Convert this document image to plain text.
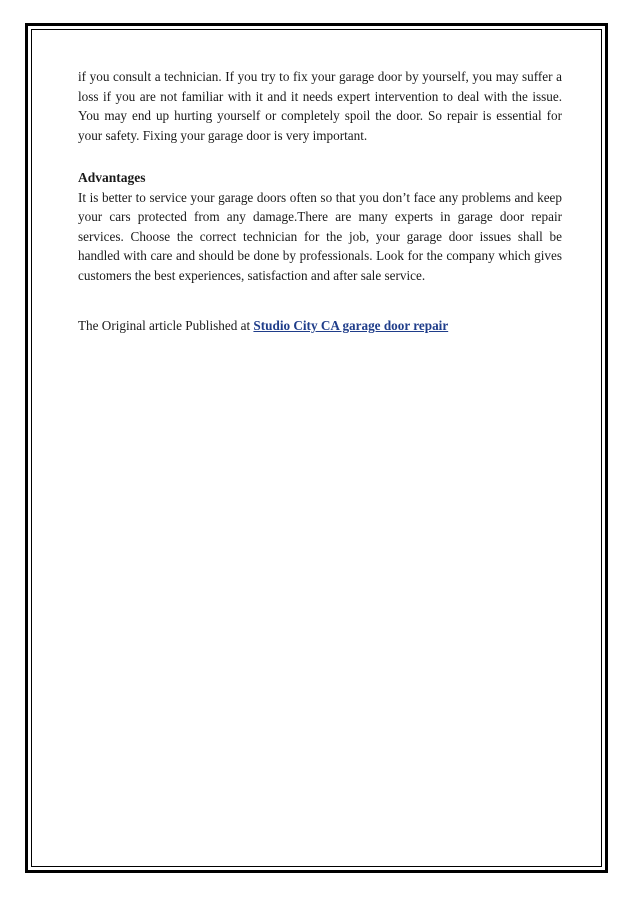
if you consult a technician. If you try to fix your garage door by yourself, you may suffer a loss if you are not familiar with it and it needs expert intervention to deal with the issue. You may end up hurting yourself or completely spoil the door. So repair is essential for your safety. Fixing your garage door is very important.

Advantages

It is better to service your garage doors often so that you don’t face any problems and keep your cars protected from any damage.There are many experts in garage door repair services. Choose the correct technician for the job, your garage door issues shall be handled with care and should be done by professionals. Look for the company which gives customers the best experiences, satisfaction and after sale service.

The Original article Published at Studio City CA garage door repair
